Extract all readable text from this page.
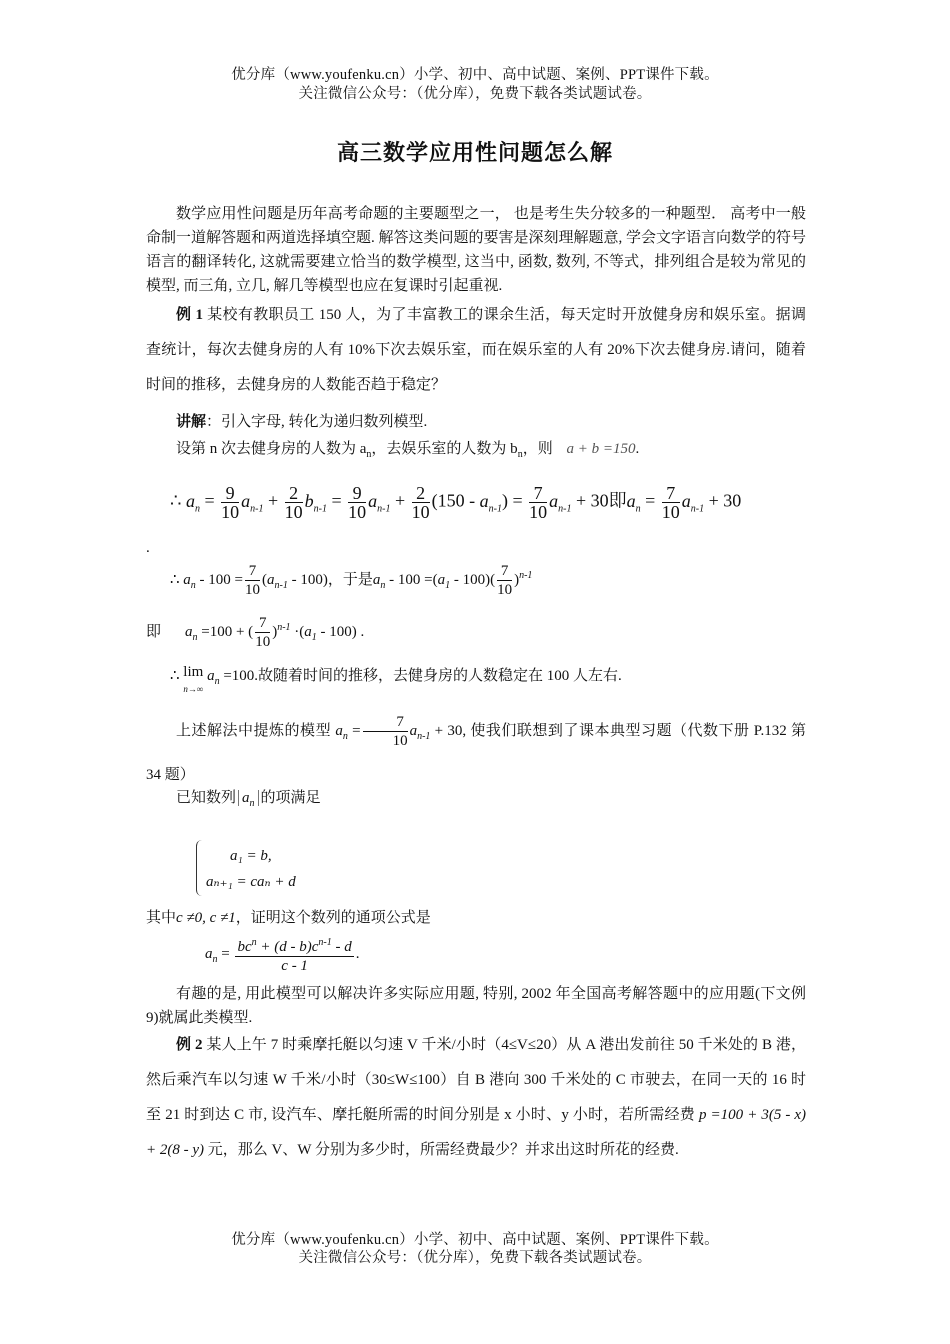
优分库（www.youfenku.cn）小学、初中、高中试题、案例、PPT课件下载。
关注微信公众号：（优分库），免费下载各类试题试卷。
高三数学应用性问题怎么解
数学应用性问题是历年高考命题的主要题型之一， 也是考生失分较多的一种题型． 高考中一般命制一道解答题和两道选择填空题. 解答这类问题的要害是深刻理解题意, 学会文字语言向数学的符号语言的翻译转化, 这就需要建立恰当的数学模型, 这当中, 函数, 数列, 不等式，排列组合是较为常见的模型, 而三角, 立几, 解几等模型也应在复课时引起重视.
例 1 某校有教职员工 150 人，为了丰富教工的课余生活，每天定时开放健身房和娱乐室。据调查统计，每次去健身房的人有 10%下次去娱乐室，而在娱乐室的人有 20%下次去健身房.请问，随着时间的推移，去健身房的人数能否趋于稳定？
讲解：引入字母, 转化为递归数列模型.
设第 n 次去健身房的人数为 $a_n$，去娱乐室的人数为 $b_n$，则 a + b =150.
∴ $a_n = \frac{9}{10} a_{n-1} + \frac{2}{10} b_{n-1} = \frac{9}{10} a_{n-1} + \frac{2}{10} (150 - a_{n-1}) = \frac{7}{10} a_{n-1} + 30$即$a_n = \frac{7}{10} a_{n-1} + 30$
.
∴ $a_n - 100 = \frac{7}{10} (a_{n-1} - 100)$，于是$a_n - 100 =(a_1 - 100)( \frac{7}{10} )^{n-1}$
即 $a_n =100$ + ( $\frac{7}{10} )^{n-1} \cdot(a_1 - 100)$ .
∴ lim
n→∞ $a_n =100$.故随着时间的推移，去健身房的人数稳定在 100 人左右.
上述解法中提炼的模型 $a_n = \frac{7}{10} a_{n-1} + 30$, 使我们联想到了课本典型习题（代数下册 P.132 第 34 题）
已知数列 $a_n$ 的项满足
a₁ = b,
aₙ₊₁ = caₙ + d
其中c ≠0, c ≠1，证明这个数列的通项公式是
$a_n = bc^n + (d - b)c^{n-1} - d$
c - 1
.
有趣的是, 用此模型可以解决许多实际应用题, 特别, 2002 年全国高考解答题中的应用题(下文例 9)就属此类模型.
例 2 某人上午 7 时乘摩托艇以匀速 V 千米/小时（4≤V≤20）从 A 港出发前往 50 千米处的 B 港，然后乘汽车以匀速 W 千米/小时（30≤W≤100）自 B 港向 300 千米处的 C 市驶去，在同一天的 16 时至 21 时到达 C 市, 设汽车、摩托艇所需的时间分别是 x 小时、y 小时，若所需经费 p =100 + 3(5 - x) + 2(8 - y) 元，那么 V、W 分别为多少时，所需经费最少？并求出这时所花的经费.
优分库（www.youfenku.cn）小学、初中、高中试题、案例、PPT课件下载。
关注微信公众号：（优分库），免费下载各类试题试卷。
